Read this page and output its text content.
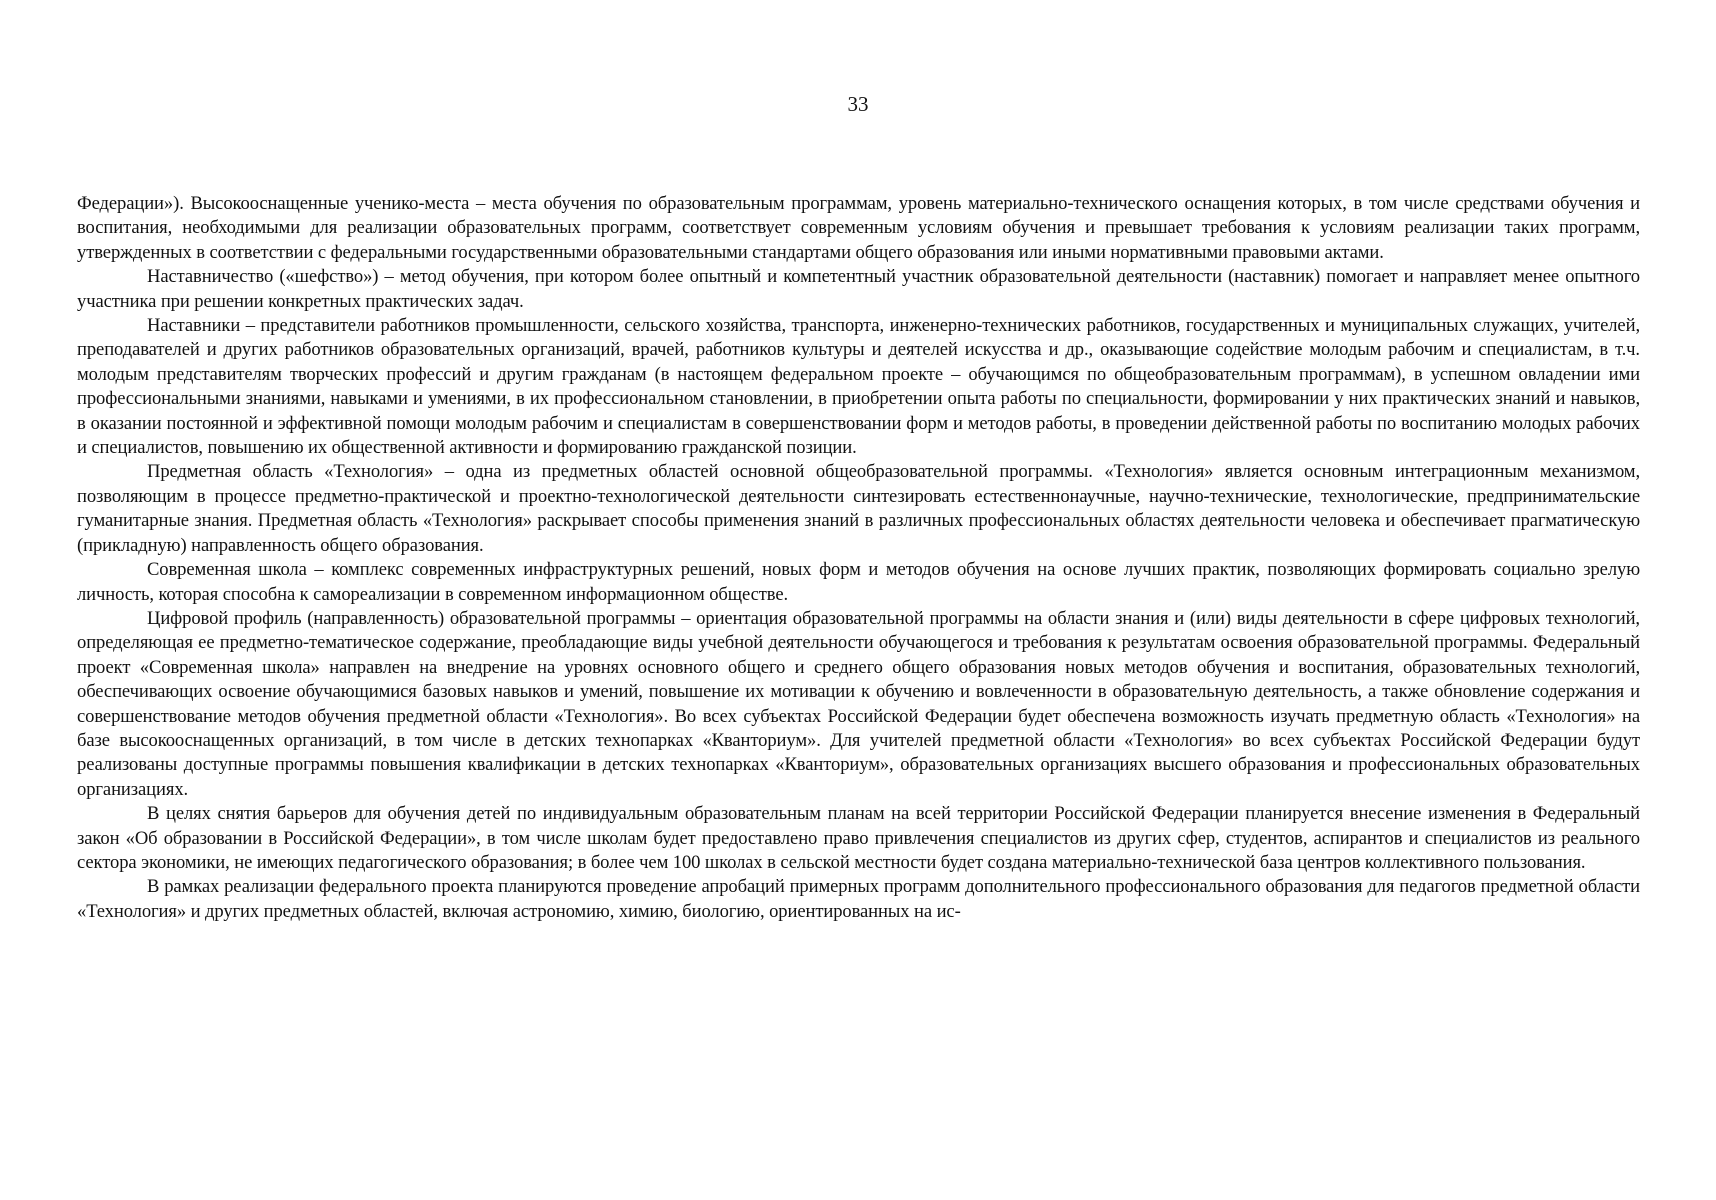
33

Федерации»). Высокооснащенные ученико-места – места обучения по образовательным программам, уровень материально-технического оснащения которых, в том числе средствами обучения и воспитания, необходимыми для реализации образовательных программ, соответствует современным условиям обучения и превышает требования к условиям реализации таких программ, утвержденных в соответствии с федеральными государственными образовательными стандартами общего образования или иными нормативными правовыми актами.

Наставничество («шефство») – метод обучения, при котором более опытный и компетентный участник образовательной деятельности (наставник) помогает и направляет менее опытного участника при решении конкретных практических задач.

Наставники – представители работников промышленности, сельского хозяйства, транспорта, инженерно-технических работников, государственных и муниципальных служащих, учителей, преподавателей и других работников образовательных организаций, врачей, работников культуры и деятелей искусства и др., оказывающие содействие молодым рабочим и специалистам, в т.ч. молодым представителям творческих профессий и другим гражданам (в настоящем федеральном проекте – обучающимся по общеобразовательным программам), в успешном овладении ими профессиональными знаниями, навыками и умениями, в их профессиональном становлении, в приобретении опыта работы по специальности, формировании у них практических знаний и навыков, в оказании постоянной и эффективной помощи молодым рабочим и специалистам в совершенствовании форм и методов работы, в проведении действенной работы по воспитанию молодых рабочих и специалистов, повышению их общественной активности и формированию гражданской позиции.

Предметная область «Технология» – одна из предметных областей основной общеобразовательной программы. «Технология» является основным интеграционным механизмом, позволяющим в процессе предметно-практической и проектно-технологической деятельности синтезировать естественнонаучные, научно-технические, технологические, предпринимательские гуманитарные знания. Предметная область «Технология» раскрывает способы применения знаний в различных профессиональных областях деятельности человека и обеспечивает прагматическую (прикладную) направленность общего образования.

Современная школа – комплекс современных инфраструктурных решений, новых форм и методов обучения на основе лучших практик, позволяющих формировать социально зрелую личность, которая способна к самореализации в современном информационном обществе.

Цифровой профиль (направленность) образовательной программы – ориентация образовательной программы на области знания и (или) виды деятельности в сфере цифровых технологий, определяющая ее предметно-тематическое содержание, преобладающие виды учебной деятельности обучающегося и требования к результатам освоения образовательной программы. Федеральный проект «Современная школа» направлен на внедрение на уровнях основного общего и среднего общего образования новых методов обучения и воспитания, образовательных технологий, обеспечивающих освоение обучающимися базовых навыков и умений, повышение их мотивации к обучению и вовлеченности в образовательную деятельность, а также обновление содержания и совершенствование методов обучения предметной области «Технология». Во всех субъектах Российской Федерации будет обеспечена возможность изучать предметную область «Технология» на базе высокооснащенных организаций, в том числе в детских технопарках «Кванториум». Для учителей предметной области «Технология» во всех субъектах Российской Федерации будут реализованы доступные программы повышения квалификации в детских технопарках «Кванториум», образовательных организациях высшего образования и профессиональных образовательных организациях.

В целях снятия барьеров для обучения детей по индивидуальным образовательным планам на всей территории Российской Федерации планируется внесение изменения в Федеральный закон «Об образовании в Российской Федерации», в том числе школам будет предоставлено право привлечения специалистов из других сфер, студентов, аспирантов и специалистов из реального сектора экономики, не имеющих педагогического образования; в более чем 100 школах в сельской местности будет создана материально-технической база центров коллективного пользования.

В рамках реализации федерального проекта планируются проведение апробаций примерных программ дополнительного профессионального образования для педагогов предметной области «Технология» и других предметных областей, включая астрономию, химию, биологию, ориентированных на ис-
